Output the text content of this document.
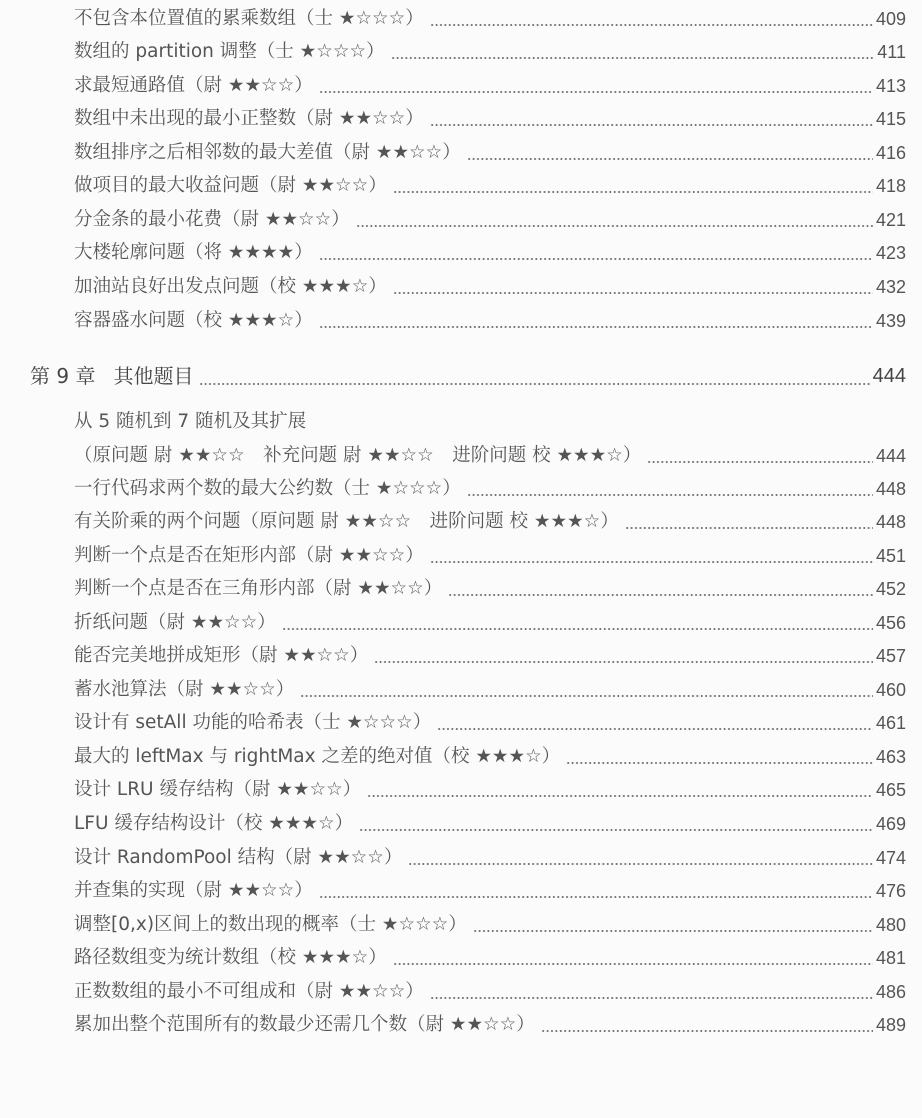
不包含本位置值的累乘数组（士 ★☆☆☆）	409
数组的 partition 调整（士 ★☆☆☆）	411
求最短通路值（尉 ★★☆☆）	413
数组中未出现的最小正整数（尉 ★★☆☆）	415
数组排序之后相邻数的最大差值（尉 ★★☆☆）	416
做项目的最大收益问题（尉 ★★☆☆）	418
分金条的最小花费（尉 ★★☆☆）	421
大楼轮廓问题（将 ★★★★）	423
加油站良好出发点问题（校 ★★★☆）	432
容器盛水问题（校 ★★★☆）	439
第 9 章 其他题目	444
从 5 随机到 7 随机及其扩展
（原问题 尉 ★★☆☆　补充问题 尉 ★★☆☆　进阶问题 校 ★★★☆）	444
一行代码求两个数的最大公约数（士 ★☆☆☆）	448
有关阶乘的两个问题（原问题 尉 ★★☆☆　进阶问题 校 ★★★☆）	448
判断一个点是否在矩形内部（尉 ★★☆☆）	451
判断一个点是否在三角形内部（尉 ★★☆☆）	452
折纸问题（尉 ★★☆☆）	456
能否完美地拼成矩形（尉 ★★☆☆）	457
蓄水池算法（尉 ★★☆☆）	460
设计有 setAll 功能的哈希表（士 ★☆☆☆）	461
最大的 leftMax 与 rightMax 之差的绝对值（校 ★★★☆）	463
设计 LRU 缓存结构（尉 ★★☆☆）	465
LFU 缓存结构设计（校 ★★★☆）	469
设计 RandomPool 结构（尉 ★★☆☆）	474
并查集的实现（尉 ★★☆☆）	476
调整[0,x)区间上的数出现的概率（士 ★☆☆☆）	480
路径数组变为统计数组（校 ★★★☆）	481
正数数组的最小不可组成和（尉 ★★☆☆）	486
累加出整个范围所有的数最少还需几个数（尉 ★★☆☆）	489
